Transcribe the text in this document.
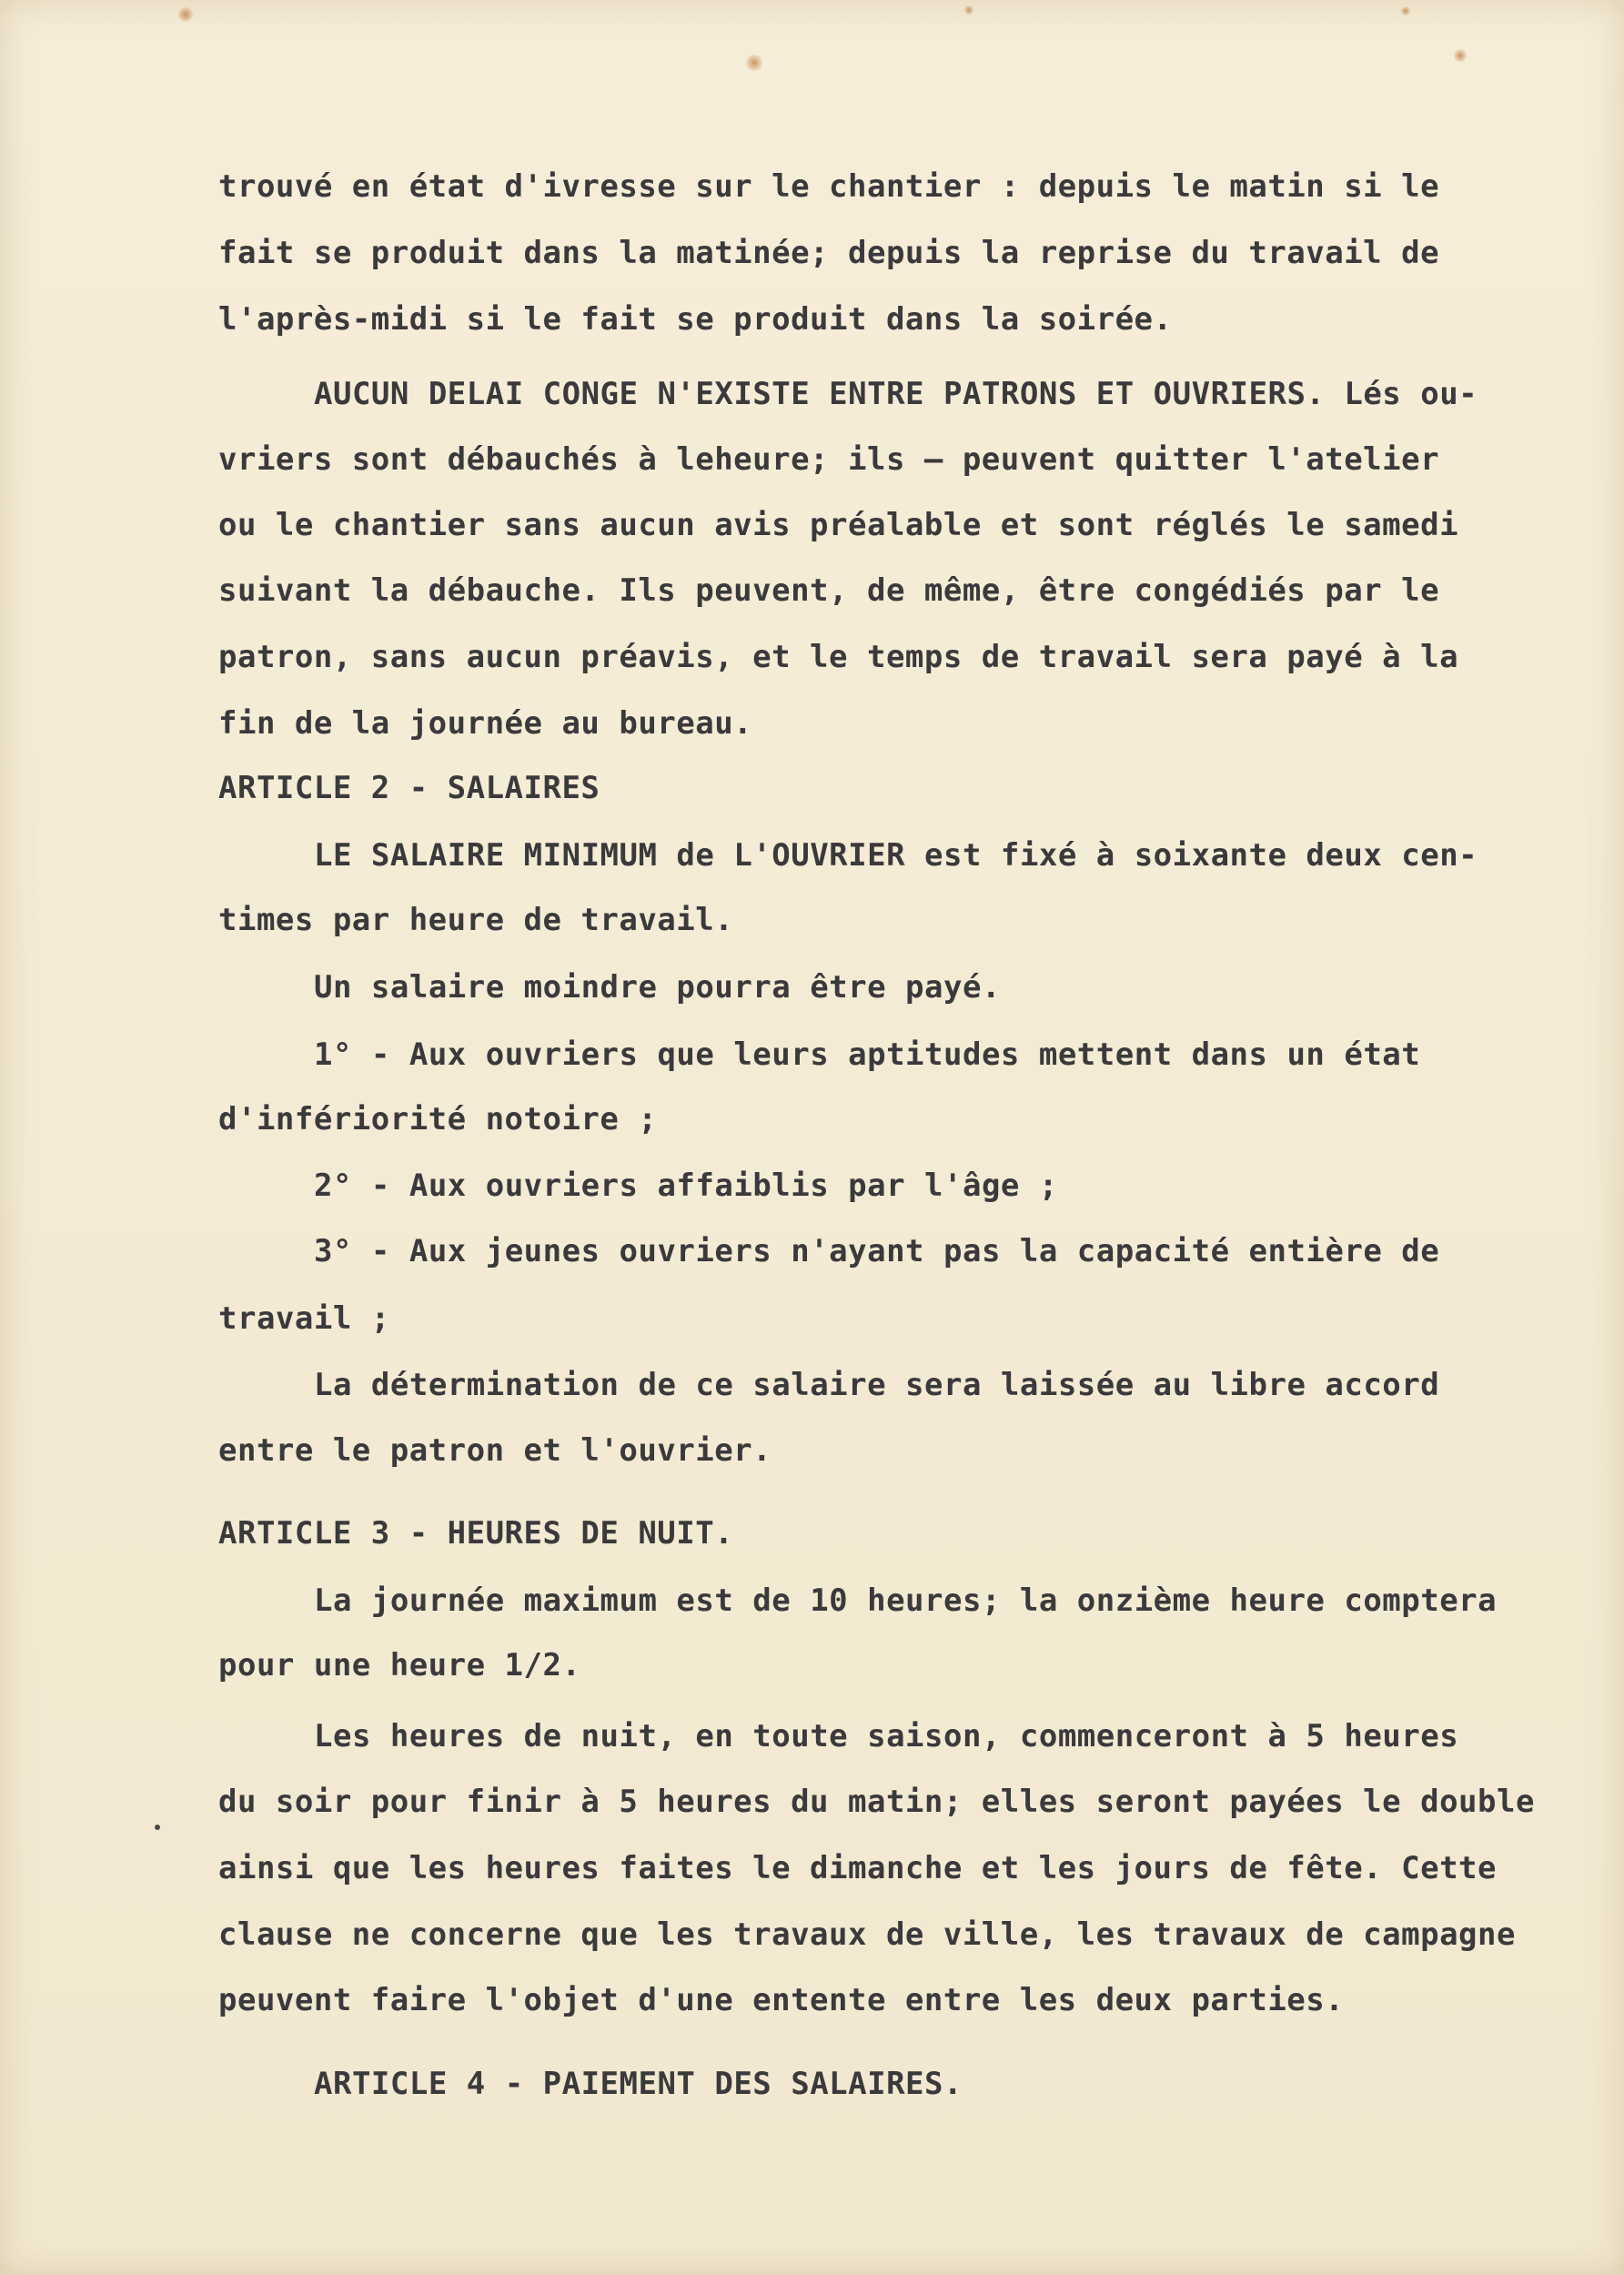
trouvé en état d'ivresse sur le chantier : depuis le matin si le
fait se produit dans la matinée; depuis la reprise du travail de
l'après-midi si le fait se produit dans la soirée.
AUCUN DELAI CONGE N'EXISTE ENTRE PATRONS ET OUVRIERS. Lés ou-
vriers sont débauchés à leheure; ils — peuvent quitter l'atelier
ou le chantier sans aucun avis préalable et sont réglés le samedi
suivant la débauche. Ils peuvent, de même, être congédiés par le
patron, sans aucun préavis, et le temps de travail sera payé à la
fin de la journée au bureau.
ARTICLE 2 - SALAIRES
LE SALAIRE MINIMUM de L'OUVRIER est fixé à soixante deux cen-
times par heure de travail.
Un salaire moindre pourra être payé.
1° - Aux ouvriers que leurs aptitudes mettent dans un état
d'infériorité notoire ;
2° - Aux ouvriers affaiblis par l'âge ;
3° - Aux jeunes ouvriers n'ayant pas la capacité entière de
travail ;
La détermination de ce salaire sera laissée au libre accord
entre le patron et l'ouvrier.
ARTICLE 3 - HEURES DE NUIT.
La journée maximum est de 10 heures; la onzième heure comptera
pour une heure 1/2.
Les heures de nuit, en toute saison, commenceront à 5 heures
du soir pour finir à 5 heures du matin; elles seront payées le double
ainsi que les heures faites le dimanche et les jours de fête. Cette
clause ne concerne que les travaux de ville, les travaux de campagne
peuvent faire l'objet d'une entente entre les deux parties.
ARTICLE 4 - PAIEMENT DES SALAIRES.
